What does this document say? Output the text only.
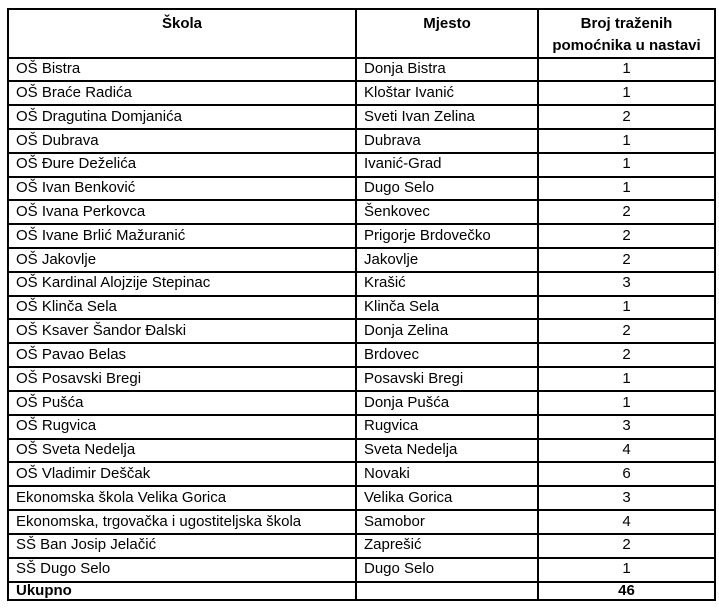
Škola	Mjesto	Broj traženih pomoćnika u nastavi
OŠ Bistra	Donja Bistra	1
OŠ Braće Radića	Kloštar Ivanić	1
OŠ Dragutina Domjanića	Sveti Ivan Zelina	2
OŠ Dubrava	Dubrava	1
OŠ Đure Deželića	Ivanić-Grad	1
OŠ Ivan Benković	Dugo Selo	1
OŠ Ivana Perkovca	Šenkovec	2
OŠ Ivane Brlić Mažuranić	Prigorje Brdovečko	2
OŠ Jakovlje	Jakovlje	2
OŠ Kardinal Alojzije Stepinac	Krašić	3
OŠ Klinča Sela	Klinča Sela	1
OŠ Ksaver Šandor Đalski	Donja Zelina	2
OŠ Pavao Belas	Brdovec	2
OŠ Posavski Bregi	Posavski Bregi	1
OŠ Pušća	Donja Pušća	1
OŠ Rugvica	Rugvica	3
OŠ Sveta Nedelja	Sveta Nedelja	4
OŠ Vladimir Deščak	Novaki	6
Ekonomska škola Velika Gorica	Velika Gorica	3
Ekonomska, trgovačka i ugostiteljska škola	Samobor	4
SŠ Ban Josip Jelačić	Zaprešić	2
SŠ Dugo Selo	Dugo Selo	1
Ukupno		46
